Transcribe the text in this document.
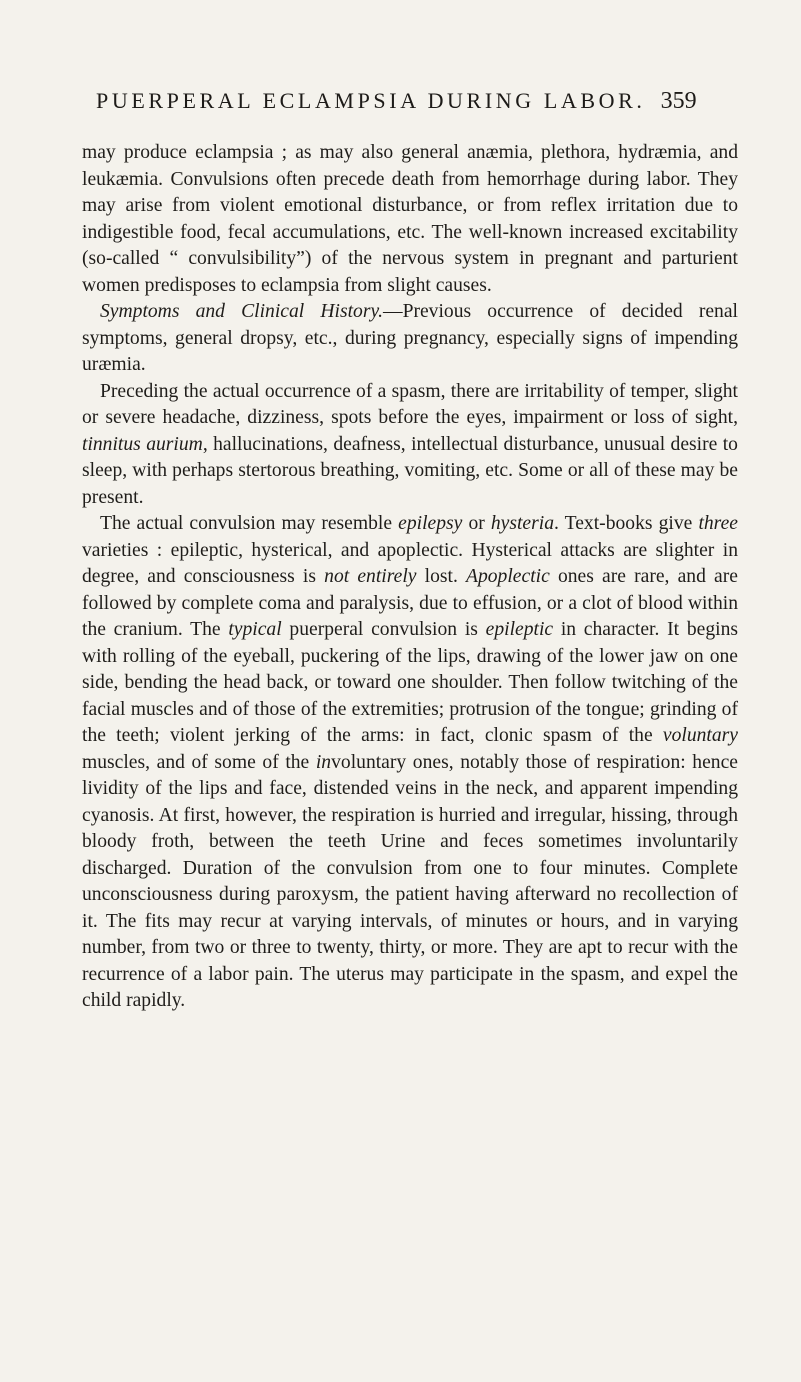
PUERPERAL ECLAMPSIA DURING LABOR. 359

may produce eclampsia ; as may also general anæmia, plethora, hydræmia, and leukæmia. Convulsions often precede death from hemorrhage during labor. They may arise from violent emotional disturbance, or from reflex irritation due to indigestible food, fecal accumulations, etc. The well-known increased excitability (so-called “ convulsibility”) of the nervous system in pregnant and parturient women predisposes to eclampsia from slight causes.

Symptoms and Clinical History.—Previous occurrence of decided renal symptoms, general dropsy, etc., during pregnancy, especially signs of impending uræmia.

Preceding the actual occurrence of a spasm, there are irritability of temper, slight or severe headache, dizziness, spots before the eyes, impairment or loss of sight, tinnitus aurium, hallucinations, deafness, intellectual disturbance, unusual desire to sleep, with perhaps stertorous breathing, vomiting, etc. Some or all of these may be present.

The actual convulsion may resemble epilepsy or hysteria. Text-books give three varieties : epileptic, hysterical, and apoplectic. Hysterical attacks are slighter in degree, and consciousness is not entirely lost. Apoplectic ones are rare, and are followed by complete coma and paralysis, due to effusion, or a clot of blood within the cranium. The typical puerperal convulsion is epileptic in character. It begins with rolling of the eyeball, puckering of the lips, drawing of the lower jaw on one side, bending the head back, or toward one shoulder. Then follow twitching of the facial muscles and of those of the extremities; protrusion of the tongue; grinding of the teeth; violent jerking of the arms: in fact, clonic spasm of the voluntary muscles, and of some of the involuntary ones, notably those of respiration: hence lividity of the lips and face, distended veins in the neck, and apparent impending cyanosis. At first, however, the respiration is hurried and irregular, hissing, through bloody froth, between the teeth Urine and feces sometimes involuntarily discharged. Duration of the convulsion from one to four minutes. Complete unconsciousness during paroxysm, the patient having afterward no recollection of it. The fits may recur at varying intervals, of minutes or hours, and in varying number, from two or three to twenty, thirty, or more. They are apt to recur with the recurrence of a labor pain. The uterus may participate in the spasm, and expel the child rapidly.
